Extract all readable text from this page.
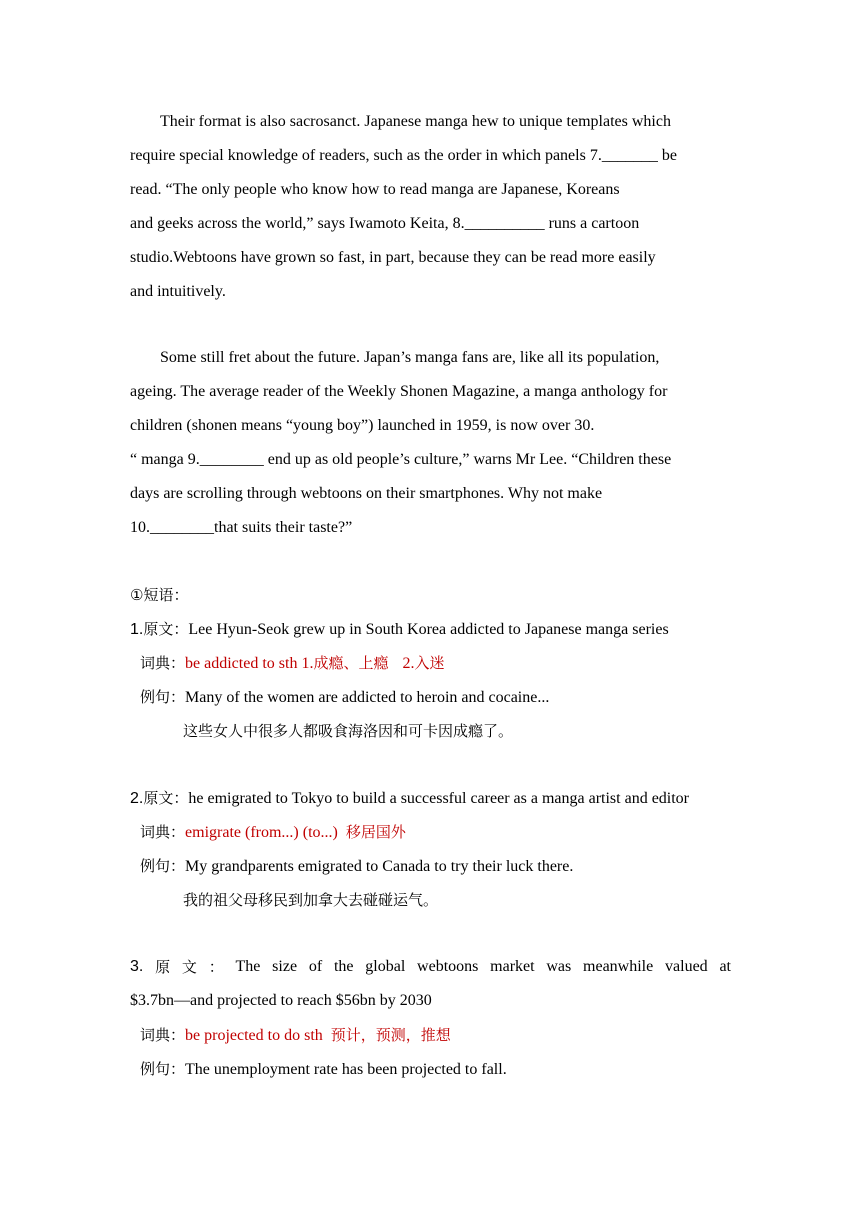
Their format is also sacrosanct. Japanese manga hew to unique templates which
require special knowledge of readers, such as the order in which panels 7._______ be
read. “The only people who know how to read manga are Japanese, Koreans
and geeks across the world,” says Iwamoto Keita, 8.__________ runs a cartoon
studio.Webtoons have grown so fast, in part, because they can be read more easily
and intuitively.
Some still fret about the future. Japan’s manga fans are, like all its population,
ageing. The average reader of the Weekly Shonen Magazine, a manga anthology for
children (shonen means “young boy”) launched in 1959, is now over 30.
“ manga 9.________ end up as old people’s culture,” warns Mr Lee. “Children these
days are scrolling through webtoons on their smartphones. Why not make
10.________that suits their taste?”
①短语：
1.原文：Lee Hyun-Seok grew up in South Korea addicted to Japanese manga series
词典：be addicted to sth 1.成瘾、上瘾 2.入迷
例句：Many of the women are addicted to heroin and cocaine...
这些女人中很多人都吸食海洛因和可卡因成瘾了。
2.原文：he emigrated to Tokyo to build a successful career as a manga artist and editor
词典：emigrate (from...) (to...) 移居国外
例句：My grandparents emigrated to Canada to try their luck there.
我的祖父母移民到加拿大去碰碰运气。
3. 原 文 ： The size of the global webtoons market was meanwhile valued at
$3.7bn—and projected to reach $56bn by 2030
词典：be projected to do sth 预计，预测，推想
例句：The unemployment rate has been projected to fall.
